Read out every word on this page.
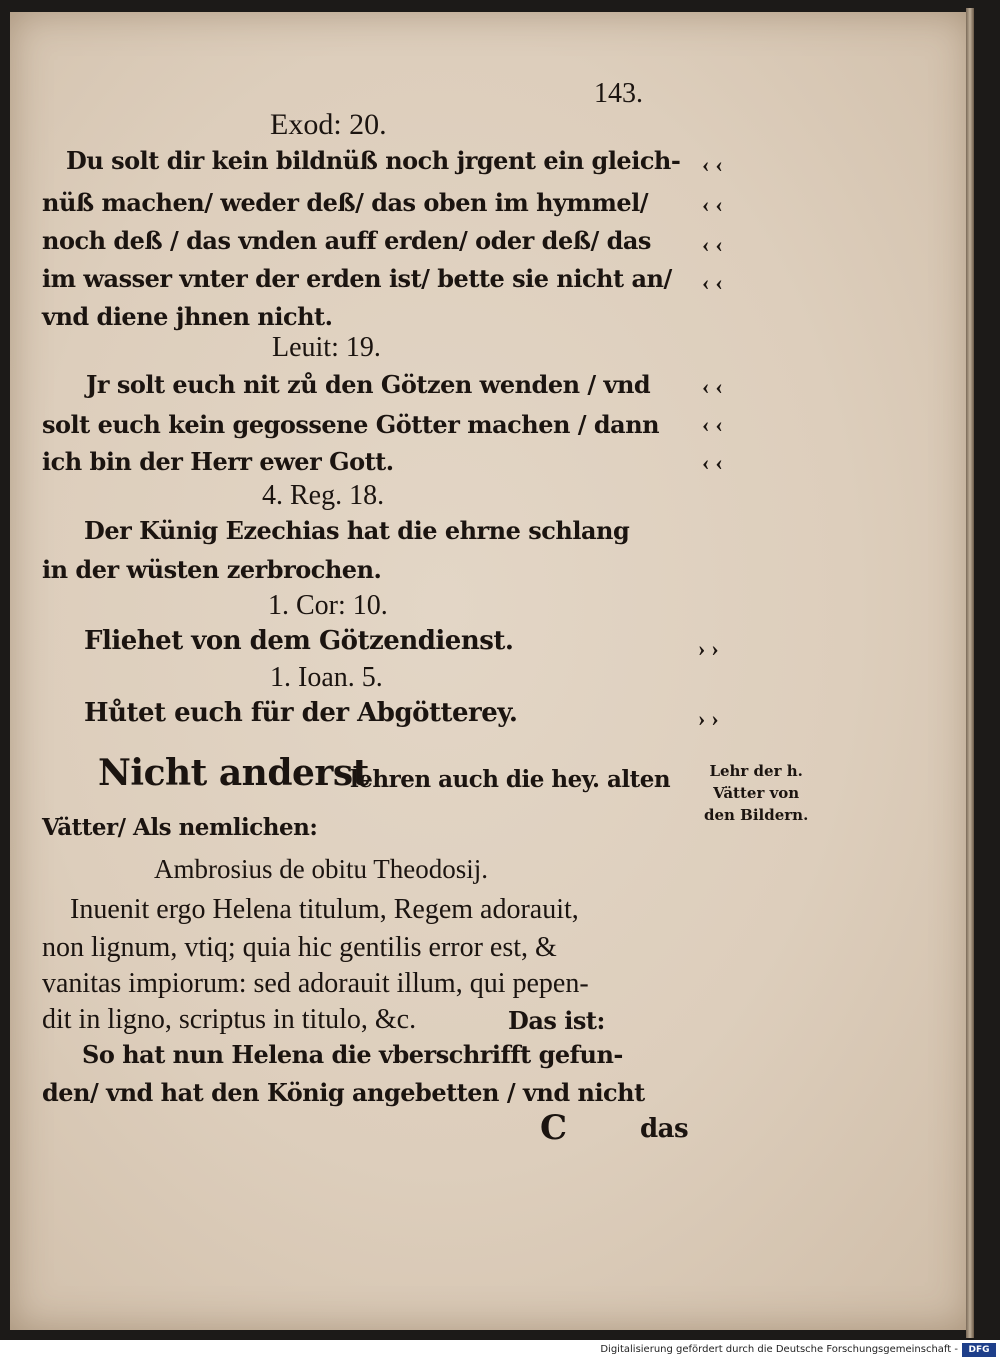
143.
Exod: 20.
Du solt dir kein bildnüß noch jrgent ein gleich-
nüß machen/ weder deß/ das oben im hymmel/
noch deß / das vnden auff erden/ oder deß/ das
im wasser vnter der erden ist/ bette sie nicht an/
vnd diene jhnen nicht.
Leuit: 19.
Jr solt euch nit zů den Götzen wenden / vnd
solt euch kein gegossene Götter machen / dann
ich bin der Herr ewer Gott.
4. Reg. 18.
Der Künig Ezechias hat die ehrne schlang
in der wüsten zerbrochen.
1. Cor: 10.
Fliehet von dem Götzendienst.
1. Ioan. 5.
Hůtet euch für der Abgötterey.
Nicht anderst
lehren auch die hey. alten
Vätter/ Als nemlichen:
Ambrosius de obitu Theodosij.
Inuenit ergo Helena titulum, Regem adorauit,
non lignum, vtiq; quia hic gentilis error est, &
vanitas impiorum: sed adorauit illum, qui pepen-
dit in ligno, scriptus in titulo, &c.	Das ist:
So hat nun Helena die vberschrifft gefun-
den/ vnd hat den König angebetten / vnd nicht
C	das
Lehr der h.
Vätter von
den Bildern.
‹‹
‹‹
‹‹
‹‹
‹‹
‹‹
‹‹
››
››
Digitalisierung gefördert durch die Deutsche Forschungsgemeinschaft -	DFG
